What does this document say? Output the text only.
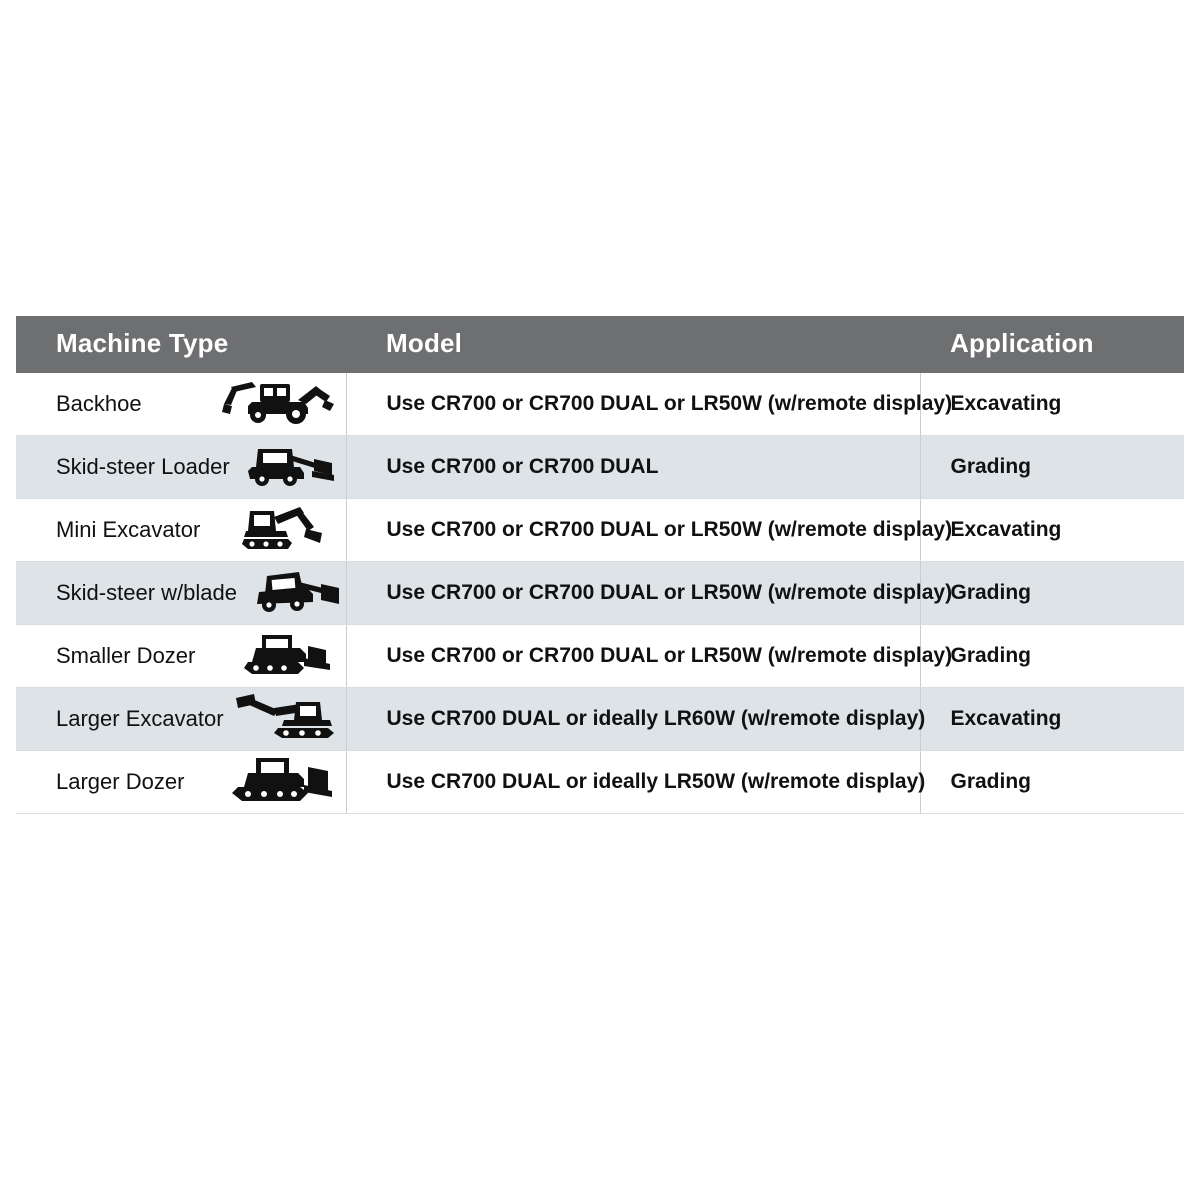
Machine Type	Model	Application

Backhoe	Use CR700 or CR700 DUAL or LR50W (w/remote display)	Excavating

Skid-steer Loader	Use CR700 or CR700 DUAL	Grading

Mini Excavator	Use CR700 or CR700 DUAL or LR50W (w/remote display)	Excavating

Skid-steer w/blade	Use CR700 or CR700 DUAL or LR50W (w/remote display)	Grading

Smaller Dozer	Use CR700 or CR700 DUAL or LR50W (w/remote display)	Grading

Larger Excavator	Use CR700 DUAL or ideally LR60W (w/remote display)	Excavating

Larger Dozer	Use CR700 DUAL or ideally LR50W (w/remote display)	Grading
